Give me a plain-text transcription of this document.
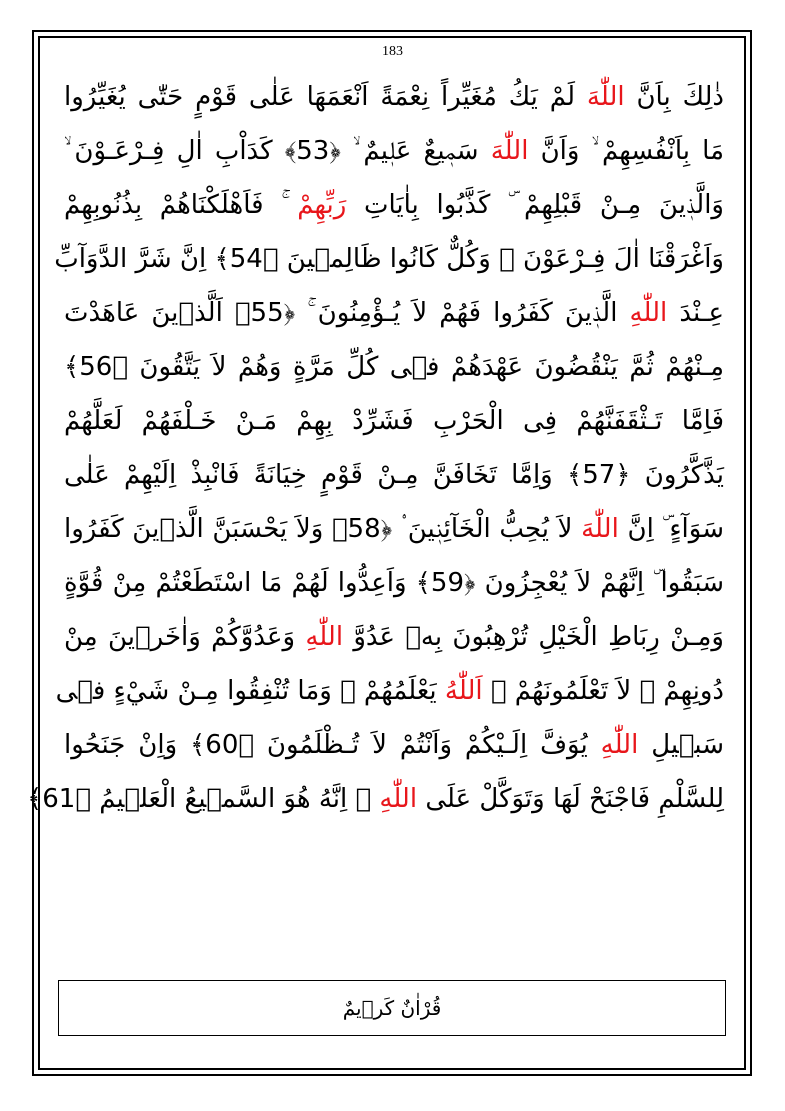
183
ذٰلِكَ بِاَنَّ اللّٰهَ لَمْ يَكُ مُغَيِّراً نِعْمَةً اَنْعَمَهَا عَلٰى قَوْمٍ حَتّٰى يُغَيِّرُوا
مَا بِاَنْفُسِهِمْ ۙ وَاَنَّ اللّٰهَ سَمٖيعٌ عَلٖيمٌ ۙ ﴿53﴾ كَدَاْبِ اٰلِ فِـرْعَـوْنَ ۙ
وَالَّذٖينَ مِـنْ قَبْلِهِمْ ۜ كَذَّبُوا بِاٰيَاتِ رَبِّهِمْ ۚ فَاَهْلَكْنَاهُمْ بِذُنُوبِهِمْ
وَاَغْرَقْنَا اٰلَ فِـرْعَوْنَ ۚ وَكُلٌّ كَانُوا ظَالِمٖينَ ﴿54﴾ اِنَّ شَرَّ الدَّوَآبِّ
عِـنْدَ اللّٰهِ الَّذٖينَ كَفَرُوا فَهُمْ لاَ يُـؤْمِنُونَ ۚ ﴿55﴾ اَلَّذٖينَ عَاهَدْتَ
مِـنْهُمْ ثُمَّ يَنْقُضُونَ عَهْدَهُمْ فٖى كُلِّ مَرَّةٍ وَهُمْ لاَ يَتَّقُونَ ﴿56﴾
فَاِمَّا تَـثْقَفَنَّهُمْ فِى الْحَرْبِ فَشَرِّدْ بِهِمْ مَـنْ خَـلْفَهُمْ لَعَلَّهُمْ
يَذَّكَّرُونَ ﴿57﴾ وَاِمَّا تَخَافَنَّ مِـنْ قَوْمٍ خِيَانَةً فَانْبِذْ اِلَيْهِمْ عَلٰى
سَوَآءٍ ۜ اِنَّ اللّٰهَ لاَ يُحِبُّ الْخَآئِنٖينَ ۟ ﴿58﴾ وَلاَ يَحْسَبَنَّ الَّذٖينَ كَفَرُوا
سَبَقُوا ۜ اِنَّهُمْ لاَ يُعْجِزُونَ ﴿59﴾ وَاَعِدُّوا لَهُمْ مَا اسْتَطَعْتُمْ مِنْ قُوَّةٍ
وَمِـنْ رِبَاطِ الْخَيْلِ تُرْهِبُونَ بِهٖ عَدُوَّ اللّٰهِ وَعَدُوَّكُمْ وَاٰخَرٖينَ مِنْ
دُونِهِمْ ۚ لاَ تَعْلَمُونَهُمْ ۚ اَللّٰهُ يَعْلَمُهُمْ ۜ وَمَا تُنْفِقُوا مِـنْ شَيْءٍ فٖى
سَبٖيلِ اللّٰهِ يُوَفَّ اِلَـيْكُمْ وَاَنْتُمْ لاَ تُـظْلَمُونَ ﴿60﴾ وَاِنْ جَنَحُوا
لِلسَّلْمِ فَاجْنَحْ لَهَا وَتَوَكَّلْ عَلَى اللّٰهِ ۜ اِنَّهُ هُوَ السَّمٖيعُ الْعَلٖيمُ ﴿61﴾
قُرْاٰنٌ كَرٖيمٌ
